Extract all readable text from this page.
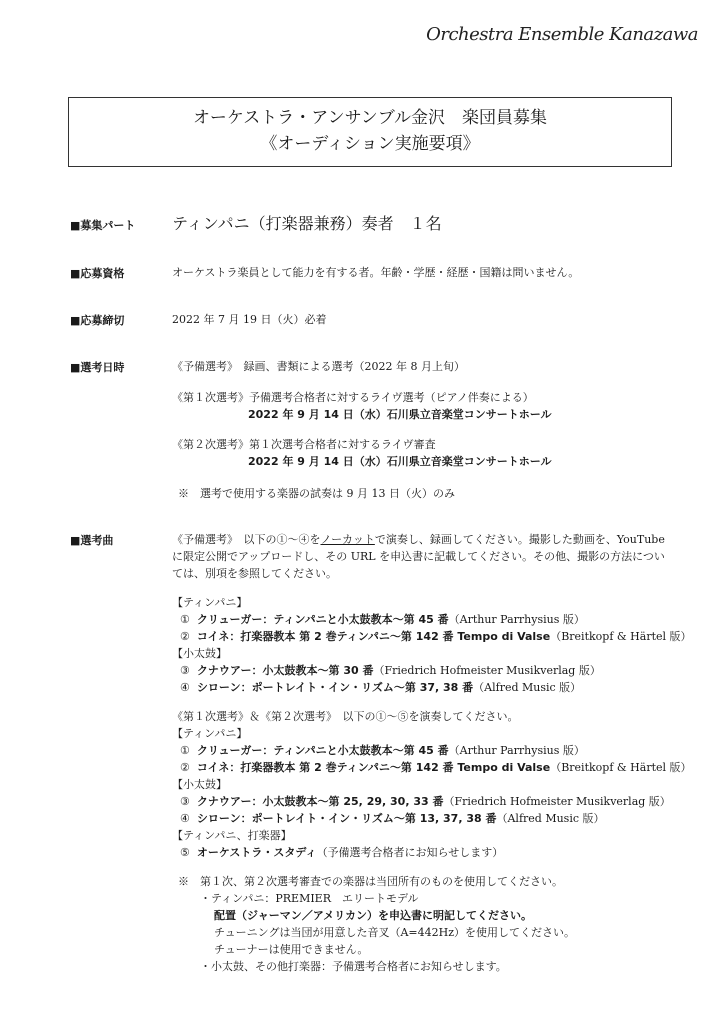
Orchestra Ensemble Kanazawa
オーケストラ・アンサンブル金沢　楽団員募集
《オーディション実施要項》
■募集パート ティンパニ（打楽器兼務）奏者　１名
■応募資格	オーケストラ楽員として能力を有する者。年齢・学歴・経歴・国籍は問いません。
■応募締切	2022 年 7 月 19 日（火）必着
■選考日時	《予備選考》　録画、書類による選考（2022 年 8 月上旬）
《第１次選考》予備選考合格者に対するライヴ選考（ピアノ伴奏による）
2022 年 9 月 14 日（水）石川県立音楽堂コンサートホール
《第２次選考》第１次選考合格者に対するライヴ審査
2022 年 9 月 14 日（水）石川県立音楽堂コンサートホール
※　選考で使用する楽器の試奏は 9 月 13 日（火）のみ
■選考曲	《予備選考》　以下の①～④をノーカットで演奏し、録画してください。撮影した動画を、YouTube
に限定公開でアップロードし、その URL を申込書に記載してください。その他、撮影の方法につい
ては、別項を参照してください。
【ティンパニ】
① クリューガー：ティンパニと小太鼓教本～第 45 番（Arthur Parrhysius 版）
② コイネ：打楽器教本 第 2 巻ティンパニ～第 142 番 Tempo di Valse（Breitkopf & Härtel 版）
【小太鼓】
③ クナウアー：小太鼓教本～第 30 番（Friedrich Hofmeister Musikverlag 版）
④ シローン：ポートレイト・イン・リズム～第 37, 38 番（Alfred Music 版）
《第１次選考》＆《第２次選考》　以下の①～⑤を演奏してください。
【ティンパニ】
① クリューガー：ティンパニと小太鼓教本～第 45 番（Arthur Parrhysius 版）
② コイネ：打楽器教本 第 2 巻ティンパニ～第 142 番 Tempo di Valse（Breitkopf & Härtel 版）
【小太鼓】
③ クナウアー：小太鼓教本～第 25, 29, 30, 33 番（Friedrich Hofmeister Musikverlag 版）
④ シローン：ポートレイト・イン・リズム～第 13, 37, 38 番（Alfred Music 版）
【ティンパニ、打楽器】
⑤ オーケストラ・スタディ（予備選考合格者にお知らせします）
※　第１次、第２次選考審査での楽器は当団所有のものを使用してください。
・ティンパニ：PREMIER　エリートモデル
配置（ジャーマン／アメリカン）を申込書に明記してください。
チューニングは当団が用意した音叉（A=442Hz）を使用してください。
チューナーは使用できません。
・小太鼓、その他打楽器：予備選考合格者にお知らせします。
